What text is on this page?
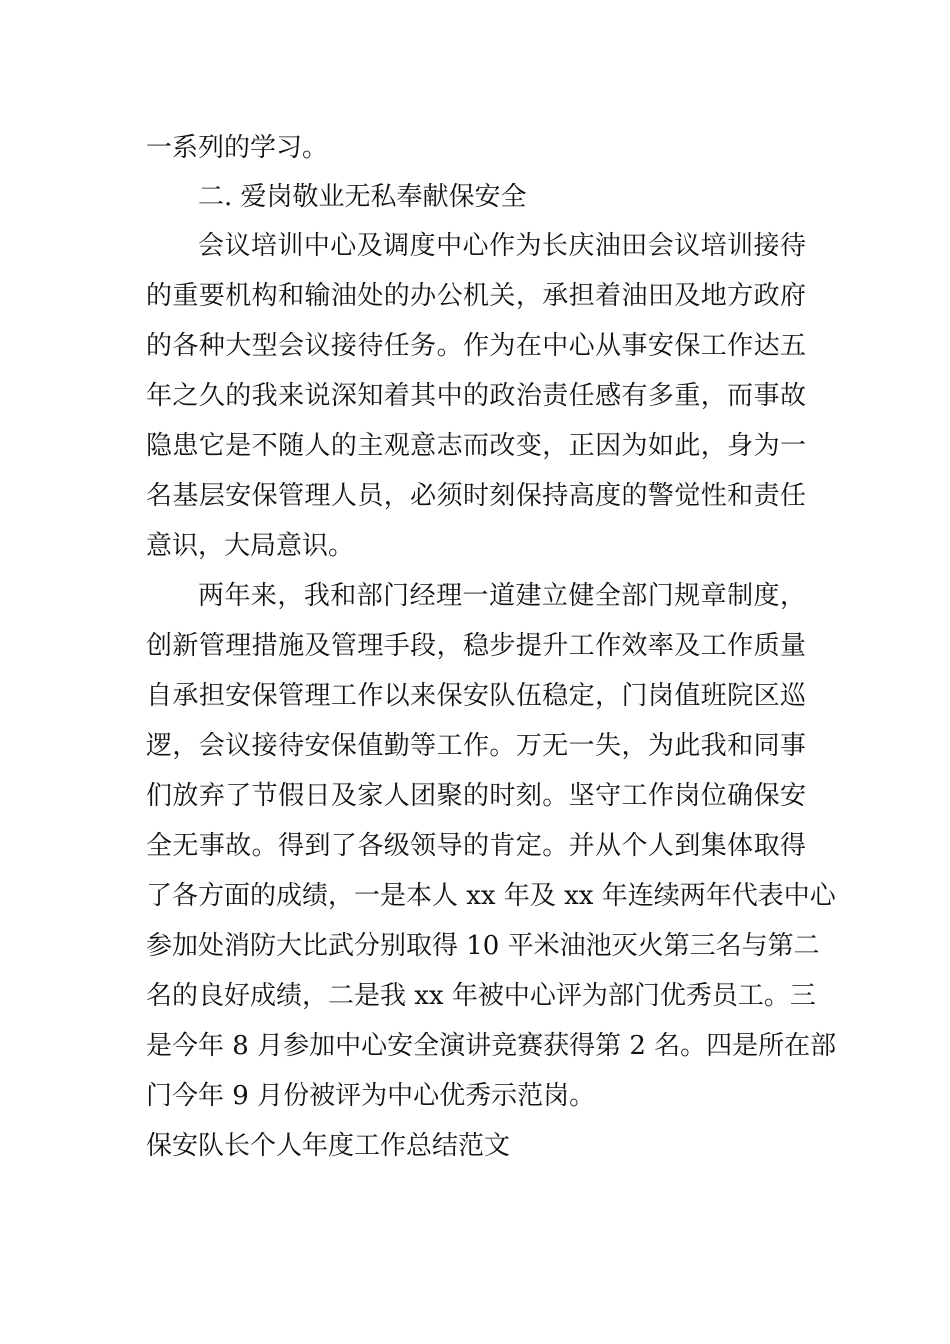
一系列的学习。
二. 爱岗敬业无私奉献保安全
会议培训中心及调度中心作为长庆油田会议培训接待
的重要机构和输油处的办公机关，承担着油田及地方政府
的各种大型会议接待任务。作为在中心从事安保工作达五
年之久的我来说深知着其中的政治责任感有多重，而事故
隐患它是不随人的主观意志而改变，正因为如此，身为一
名基层安保管理人员，必须时刻保持高度的警觉性和责任
意识，大局意识。
两年来，我和部门经理一道建立健全部门规章制度，
创新管理措施及管理手段，稳步提升工作效率及工作质量
自承担安保管理工作以来保安队伍稳定，门岗值班院区巡
逻，会议接待安保值勤等工作。万无一失，为此我和同事
们放弃了节假日及家人团聚的时刻。坚守工作岗位确保安
全无事故。得到了各级领导的肯定。并从个人到集体取得
了各方面的成绩，一是本人 xx 年及 xx 年连续两年代表中心
参加处消防大比武分别取得 10 平米油池灭火第三名与第二
名的良好成绩，二是我 xx 年被中心评为部门优秀员工。三
是今年 8 月参加中心安全演讲竞赛获得第 2 名。四是所在部
门今年 9 月份被评为中心优秀示范岗。
保安队长个人年度工作总结范文
